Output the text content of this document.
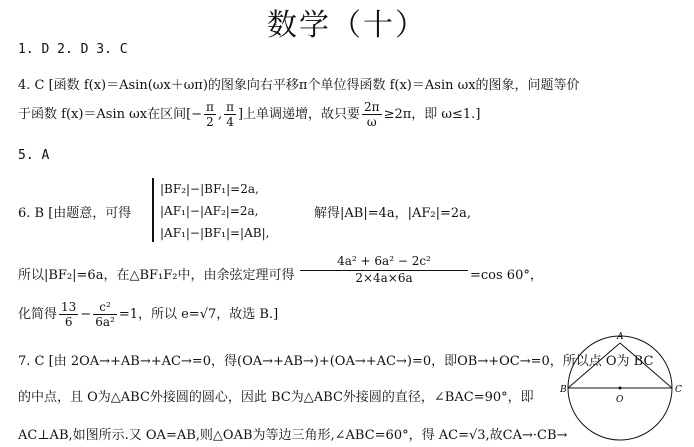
数学（十）
1. D 2. D 3. C
4. C [函数 f(x)＝Asin(ωx＋ωπ)的图象向右平移π个单位得函数 f(x)＝Asin ωx的图象，问题等价
于函数 f(x)＝Asin ωx在区间[− $\frac{\pi}{2}$ , $\frac{\pi}{4}$ ]上单调递增，故只要 $\frac{2\pi}{\omega} \ge 2\pi$，即 ω≤1.]
5. A
6. B [由题意，可得
|BF₂|−|BF₁|=2a,
|AF₁|−|AF₂|=2a,
|AF₁|−|BF₁|=|AB|,
解得|AB|=4a，|AF₂|=2a,
所以|BF₂|=6a，在△BF₁F₂中，由余弦定理可得 $\frac{\text{4a² + 6a² − 2c²}}{2\times 4a\times 6a} =\cos$ 60°，
化简得 $\frac{13}{6} - \frac{\text{c²}}{\text{6a²}} =1$，所以 e=√7，故选 B.]
7. C [由 2OA→+AB→+AC→=0，得(OA→+AB→)+(OA→+AC→)=0，即OB→+OC→=0，所以点 O为 BC
的中点，且 O为△ABC外接圆的圆心，因此 BC为△ABC外接圆的直径，∠BAC=90°，即
AC⊥AB,如图所示.又 OA=AB,则△OAB为等边三角形,∠ABC=60°，得 AC=√3,故CA→·CB→
A
B	C
O
